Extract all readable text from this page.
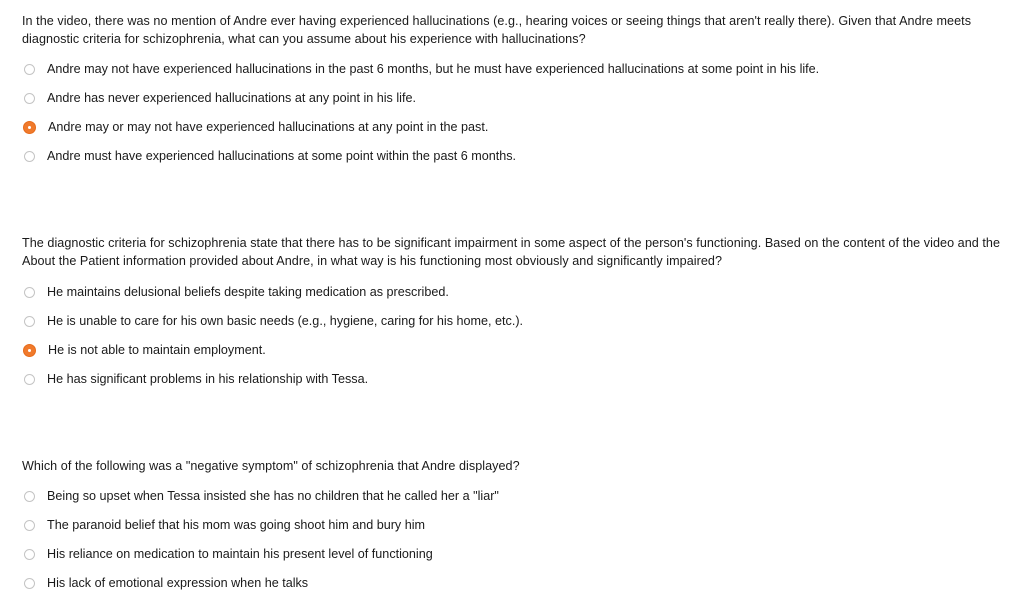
In the video, there was no mention of Andre ever having experienced hallucinations (e.g., hearing voices or seeing things that aren't really there). Given that Andre meets diagnostic criteria for schizophrenia, what can you assume about his experience with hallucinations?

Andre may not have experienced hallucinations in the past 6 months, but he must have experienced hallucinations at some point in his life.
Andre has never experienced hallucinations at any point in his life.
Andre may or may not have experienced hallucinations at any point in the past.
Andre must have experienced hallucinations at some point within the past 6 months.

The diagnostic criteria for schizophrenia state that there has to be significant impairment in some aspect of the person's functioning. Based on the content of the video and the About the Patient information provided about Andre, in what way is his functioning most obviously and significantly impaired?

He maintains delusional beliefs despite taking medication as prescribed.
He is unable to care for his own basic needs (e.g., hygiene, caring for his home, etc.).
He is not able to maintain employment.
He has significant problems in his relationship with Tessa.

Which of the following was a "negative symptom" of schizophrenia that Andre displayed?

Being so upset when Tessa insisted she has no children that he called her a "liar"
The paranoid belief that his mom was going shoot him and bury him
His reliance on medication to maintain his present level of functioning
His lack of emotional expression when he talks
